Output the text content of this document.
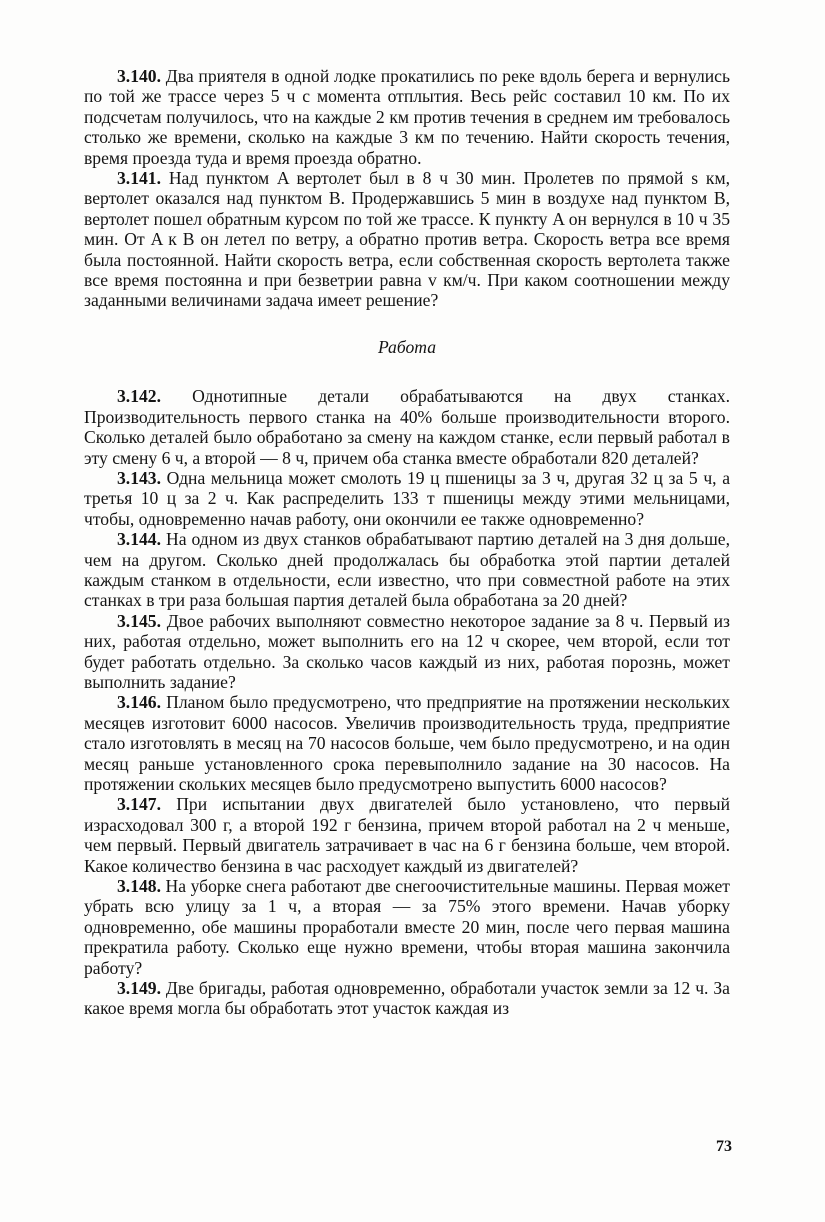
3.140. Два приятеля в одной лодке прокатились по реке вдоль берега и вернулись по той же трассе через 5 ч с момента отплытия. Весь рейс составил 10 км. По их подсчетам получилось, что на каждые 2 км против течения в среднем им требовалось столько же времени, сколько на каждые 3 км по течению. Найти скорость течения, время проезда туда и время проезда обратно.

3.141. Над пунктом A вертолет был в 8 ч 30 мин. Пролетев по прямой s км, вертолет оказался над пунктом B. Продержавшись 5 мин в воздухе над пунктом B, вертолет пошел обратным курсом по той же трассе. К пункту A он вернулся в 10 ч 35 мин. От A к B он летел по ветру, а обратно против ветра. Скорость ветра все время была постоянной. Найти скорость ветра, если собственная скорость вертолета также все время постоянна и при безветрии равна v км/ч. При каком соотношении между заданными величинами задача имеет решение?

Работа

3.142. Однотипные детали обрабатываются на двух станках. Производительность первого станка на 40% больше производительности второго. Сколько деталей было обработано за смену на каждом станке, если первый работал в эту смену 6 ч, а второй — 8 ч, причем оба станка вместе обработали 820 деталей?

3.143. Одна мельница может смолоть 19 ц пшеницы за 3 ч, другая 32 ц за 5 ч, а третья 10 ц за 2 ч. Как распределить 133 т пшеницы между этими мельницами, чтобы, одновременно начав работу, они окончили ее также одновременно?

3.144. На одном из двух станков обрабатывают партию деталей на 3 дня дольше, чем на другом. Сколько дней продолжалась бы обработка этой партии деталей каждым станком в отдельности, если известно, что при совместной работе на этих станках в три раза большая партия деталей была обработана за 20 дней?

3.145. Двое рабочих выполняют совместно некоторое задание за 8 ч. Первый из них, работая отдельно, может выполнить его на 12 ч скорее, чем второй, если тот будет работать отдельно. За сколько часов каждый из них, работая порознь, может выполнить задание?

3.146. Планом было предусмотрено, что предприятие на протяжении нескольких месяцев изготовит 6000 насосов. Увеличив производительность труда, предприятие стало изготовлять в месяц на 70 насосов больше, чем было предусмотрено, и на один месяц раньше установленного срока перевыполнило задание на 30 насосов. На протяжении скольких месяцев было предусмотрено выпустить 6000 насосов?

3.147. При испытании двух двигателей было установлено, что первый израсходовал 300 г, а второй 192 г бензина, причем второй работал на 2 ч меньше, чем первый. Первый двигатель затрачивает в час на 6 г бензина больше, чем второй. Какое количество бензина в час расходует каждый из двигателей?

3.148. На уборке снега работают две снегоочистительные машины. Первая может убрать всю улицу за 1 ч, а вторая — за 75% этого времени. Начав уборку одновременно, обе машины проработали вместе 20 мин, после чего первая машина прекратила работу. Сколько еще нужно времени, чтобы вторая машина закончила работу?

3.149. Две бригады, работая одновременно, обработали участок земли за 12 ч. За какое время могла бы обработать этот участок каждая из

73
